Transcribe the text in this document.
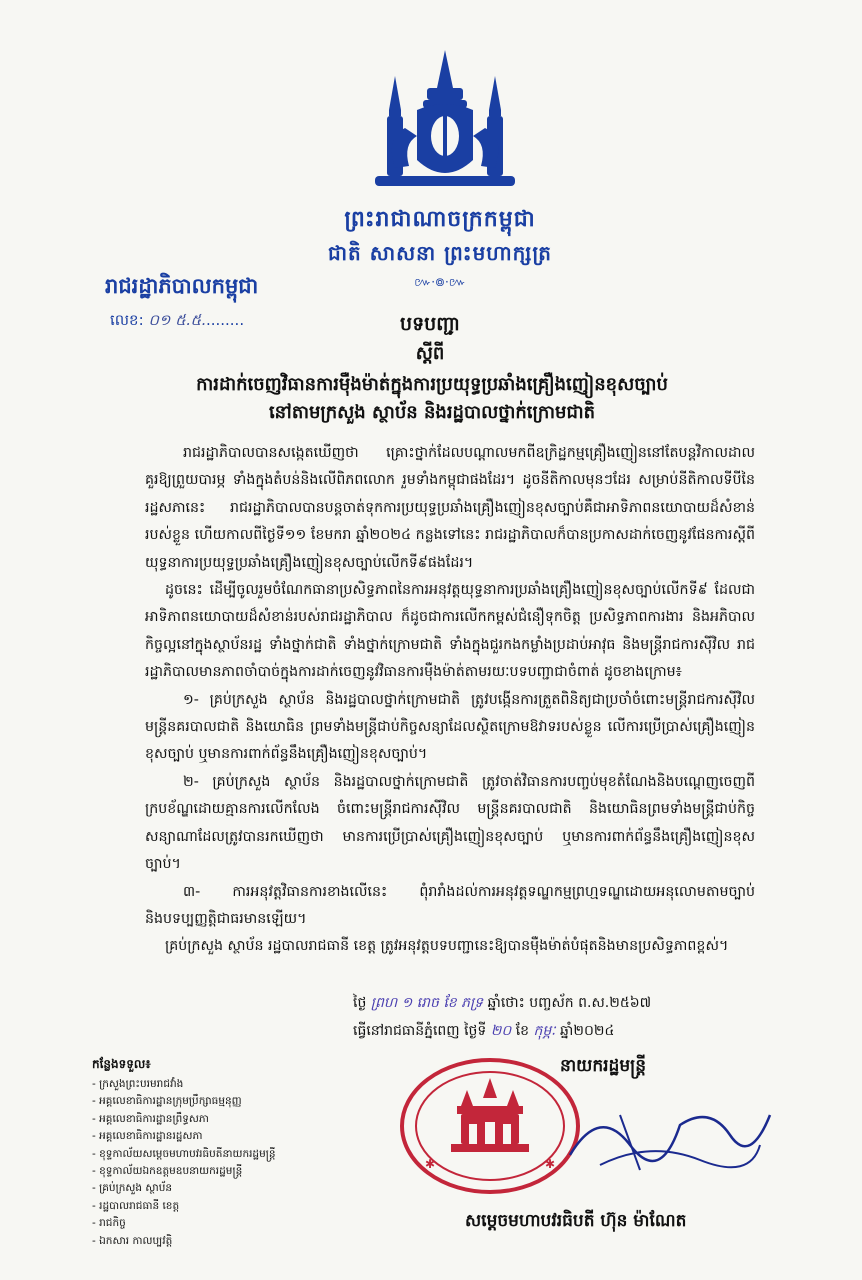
ព្រះរាជាណាចក្រកម្ពុជា
ជាតិ សាសនា ព្រះមហាក្សត្រ
៚·៙·៚
រាជរដ្ឋាភិបាលកម្ពុជា
លេខ: ០១ ៥.៥.........	បទបញ្ជា
ស្ដីពី
ការដាក់ចេញវិធានការម៉ឺងម៉ាត់ក្នុងការប្រយុទ្ធប្រឆាំងគ្រឿងញៀនខុសច្បាប់
នៅតាមក្រសួង ស្ថាប័ន និងរដ្ឋបាលថ្នាក់ក្រោមជាតិ

រាជរដ្ឋាភិបាលបានសង្កេតឃើញថា គ្រោះថ្នាក់ដែលបណ្ដាលមកពីឧក្រិដ្ឋកម្មគ្រឿងញៀននៅតែបន្តវិកាលដាលគួរឱ្យព្រួយបារម្ភ ទាំងក្នុងតំបន់និងលើពិភពលោក រួមទាំងកម្ពុជាផងដែរ។ ដូចនីតិកាលមុនៗដែរ សម្រាប់នីតិកាលទីបីនៃរដ្ឋសភានេះ រាជរដ្ឋាភិបាលបានបន្តចាត់ទុកការប្រយុទ្ធប្រឆាំងគ្រឿងញៀនខុសច្បាប់គឺជាអាទិភាពនយោបាយដ៏សំខាន់របស់ខ្លួន ហើយកាលពីថ្ងៃទី១១ ខែមករា ឆ្នាំ២០២៤ កន្លងទៅនេះ រាជរដ្ឋាភិបាលក៏បានប្រកាសដាក់ចេញនូវផែនការស្ដីពីយុទ្ធនាការប្រយុទ្ធប្រឆាំងគ្រឿងញៀនខុសច្បាប់លើកទី៩ផងដែរ។

ដូចនេះ ដើម្បីចូលរួមចំណែកធានាប្រសិទ្ធភាពនៃការអនុវត្តយុទ្ធនាការប្រឆាំងគ្រឿងញៀនខុសច្បាប់លើកទី៩ ដែលជាអាទិភាពនយោបាយដ៏សំខាន់របស់រាជរដ្ឋាភិបាល ក៏ដូចជាការលើកកម្ពស់ជំនឿទុកចិត្ត ប្រសិទ្ធភាពការងារ និងអភិបាលកិច្ចល្អនៅក្នុងស្ថាប័នរដ្ឋ ទាំងថ្នាក់ជាតិ ទាំងថ្នាក់ក្រោមជាតិ ទាំងក្នុងជួរកងកម្លាំងប្រដាប់អាវុធ និងមន្ត្រីរាជការស៊ីវិល រាជរដ្ឋាភិបាលមានភាពចាំបាច់ក្នុងការដាក់ចេញនូវវិធានការម៉ឺងម៉ាត់តាមរយៈបទបញ្ជាជាចំពាត់ ដូចខាងក្រោម៖

១- គ្រប់ក្រសួង ស្ថាប័ន និងរដ្ឋបាលថ្នាក់ក្រោមជាតិ ត្រូវបង្កើនការត្រួតពិនិត្យជាប្រចាំចំពោះមន្ត្រីរាជការស៊ីវិល មន្ត្រីនគរបាលជាតិ និងយោធិន ព្រមទាំងមន្ត្រីជាប់កិច្ចសន្យាដែលស្ថិតក្រោមឱវាទរបស់ខ្លួន លើការប្រើប្រាស់គ្រឿងញៀនខុសច្បាប់ ឬមានការពាក់ព័ន្ធនឹងគ្រឿងញៀនខុសច្បាប់។

២- គ្រប់ក្រសួង ស្ថាប័ន និងរដ្ឋបាលថ្នាក់ក្រោមជាតិ ត្រូវចាត់វិធានការបញ្ចប់មុខតំណែងនិងបណ្ដេញចេញពីក្របខ័ណ្ឌដោយគ្មានការលើកលែង ចំពោះមន្ត្រីរាជការស៊ីវិល មន្ត្រីនគរបាលជាតិ និងយោធិនព្រមទាំងមន្ត្រីជាប់កិច្ចសន្យាណាដែលត្រូវបានរកឃើញថា មានការប្រើប្រាស់គ្រឿងញៀនខុសច្បាប់ ឬមានការពាក់ព័ន្ធនឹងគ្រឿងញៀនខុសច្បាប់។

៣- ការអនុវត្តវិធានការខាងលើនេះ ពុំរារាំងដល់ការអនុវត្តទណ្ឌកម្មព្រហ្មទណ្ឌដោយអនុលោមតាមច្បាប់និងបទប្បញ្ញត្តិជាធរមានឡើយ។

គ្រប់ក្រសួង ស្ថាប័ន រដ្ឋបាលរាជធានី ខេត្ត ត្រូវអនុវត្តបទបញ្ជានេះឱ្យបានម៉ឺងម៉ាត់បំផុតនិងមានប្រសិទ្ធភាពខ្ពស់។

ថ្ងៃ ព្រហ ១ រោច ខែ ភទ្រ ឆ្នាំថោះ បញ្ចស័ក ព.ស.២៥៦៧
ធ្វើនៅរាជធានីភ្នំពេញ ថ្ងៃទី ២០ ខែ កុម្ភៈ ឆ្នាំ២០២៤
✱	✱
នាយករដ្ឋមន្ត្រី
សម្ដេចមហាបវរធិបតី ហ៊ុន ម៉ាណែត
កន្លែងទទួល៖
- ក្រសួងព្រះបរមរាជវាំង
- អគ្គលេខាធិការដ្ឋានក្រុមប្រឹក្សាធម្មនុញ្ញ
- អគ្គលេខាធិការដ្ឋានព្រឹទ្ធសភា
- អគ្គលេខាធិការដ្ឋានរដ្ឋសភា
- ខុទ្ទកាល័យសម្ដេចមហាបវរធិបតីនាយករដ្ឋមន្ត្រី
- ខុទ្ទកាល័យឯកឧត្តមឧបនាយករដ្ឋមន្ត្រី
- គ្រប់ក្រសួង ស្ថាប័ន
- រដ្ឋបាលរាជធានី ខេត្ត
- រាជកិច្ច
- ឯកសារ កាលប្បវត្តិ
